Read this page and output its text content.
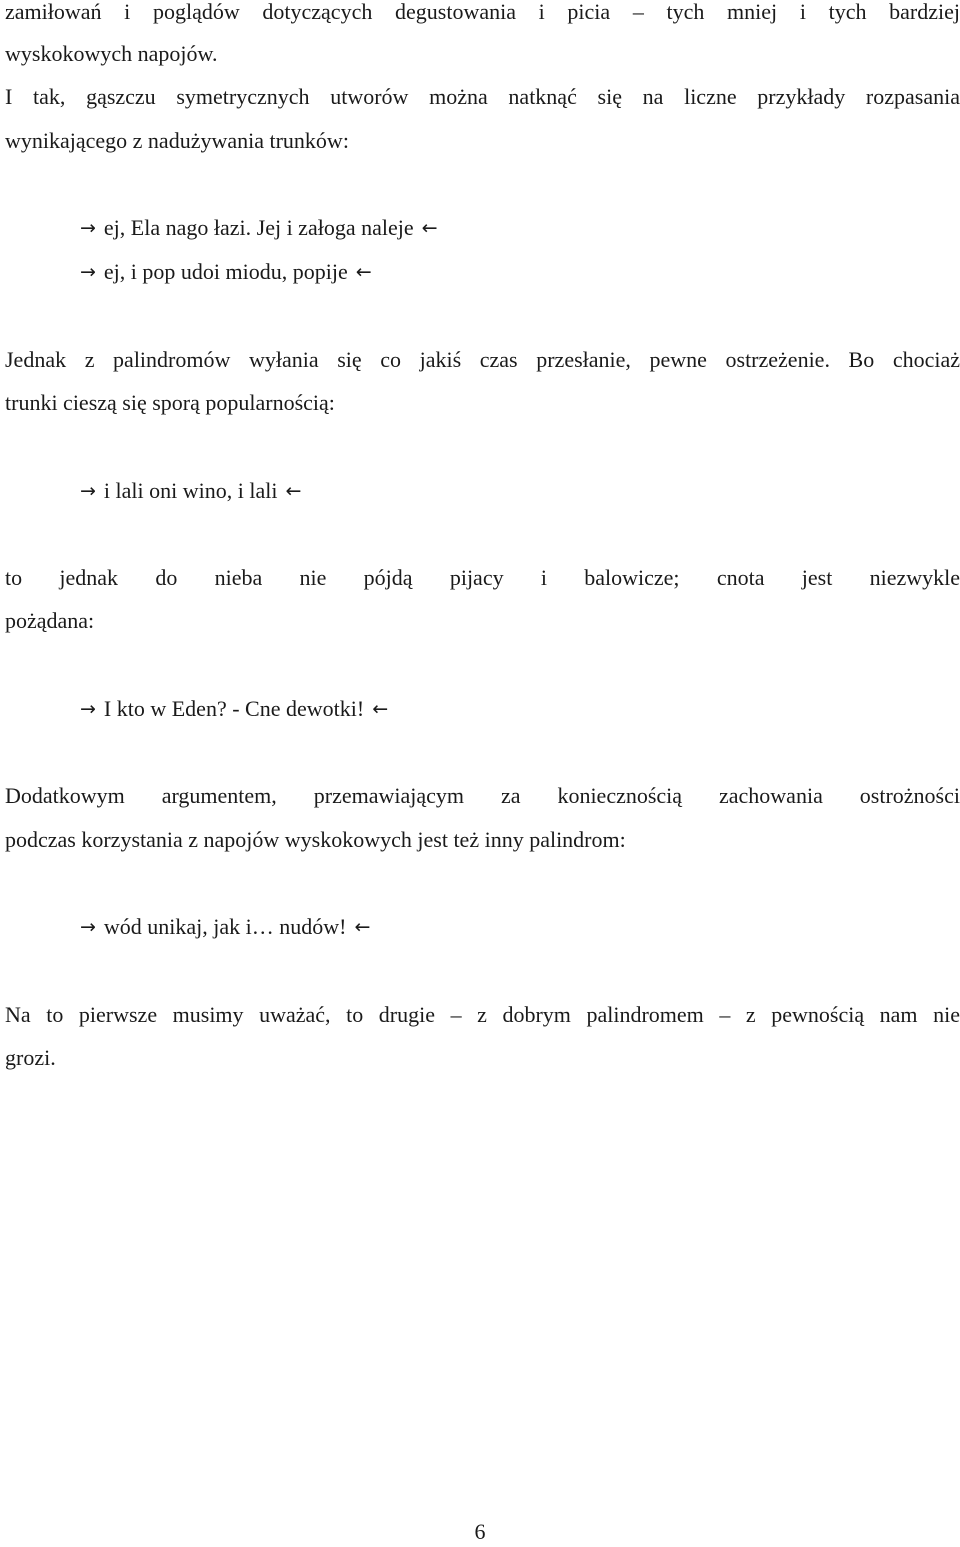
zamiłowań i poglądów dotyczących degustowania i picia – tych mniej i tych bardziej
wyskokowych napojów.
I tak, gąszczu symetrycznych utworów można natknąć się na liczne przykłady rozpasania
wynikającego z nadużywania trunków:
→ ej, Ela nago łazi. Jej i załoga naleje ←
→ ej, i pop udoi miodu, popije ←
Jednak z palindromów wyłania się co jakiś czas przesłanie, pewne ostrzeżenie. Bo chociaż
trunki cieszą się sporą popularnością:
→ i lali oni wino, i lali ←
to jednak do nieba nie pójdą pijacy i balowicze; cnota jest niezwykle
pożądana:
→ I kto w Eden? - Cne dewotki! ←
Dodatkowym argumentem, przemawiającym za koniecznością zachowania ostrożności
podczas korzystania z napojów wyskokowych jest też inny palindrom:
→ wód unikaj, jak i… nudów! ←
Na to pierwsze musimy uważać, to drugie – z dobrym palindromem – z pewnością nam nie
grozi.
6
